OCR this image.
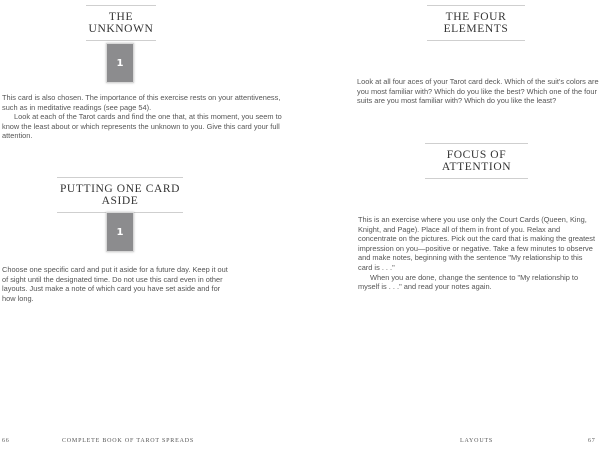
THE UNKNOWN
1

This card is also chosen. The importance of this exercise rests on your attentiveness, such as in meditative readings (see page 54).

Look at each of the Tarot cards and find the one that, at this moment, you seem to know the least about or which represents the unknown to you. Give this card your full attention.

PUTTING ONE CARD ASIDE
1

Choose one specific card and put it aside for a future day. Keep it out of sight until the designated time. Do not use this card even in other layouts. Just make a note of which card you have set aside and for how long.

66	COMPLETE BOOK OF TAROT SPREADS
THE FOUR ELEMENTS

Look at all four aces of your Tarot card deck. Which of the suit's colors are you most familiar with? Which do you like the best? Which one of the four suits are you most familiar with? Which do you like the least?

FOCUS OF ATTENTION

This is an exercise where you use only the Court Cards (Queen, King, Knight, and Page). Place all of them in front of you. Relax and concentrate on the pictures. Pick out the card that is making the greatest impression on you—positive or negative. Take a few minutes to observe and make notes, beginning with the sentence "My relationship to this card is . . ."

When you are done, change the sentence to "My relationship to myself is . . ." and read your notes again.

LAYOUTS	67
